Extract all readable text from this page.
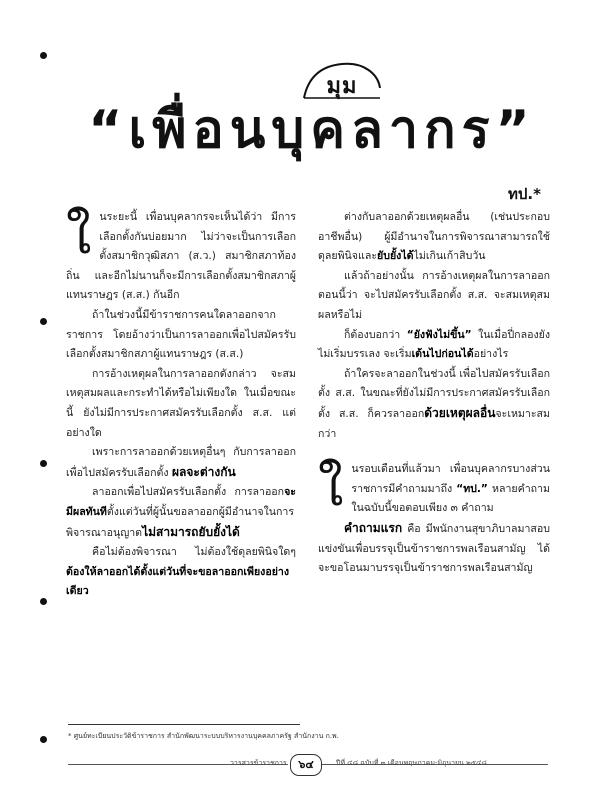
มุม
“เพื่อนบุคลากร”
ทป.*

ในระยะนี้ เพื่อนบุคลากรจะเห็นได้ว่า มีการเลือกตั้งกันบ่อยมาก ไม่ว่าจะเป็นการเลือกตั้งสมาชิกวุฒิสภา (ส.ว.) สมาชิกสภาท้องถิ่น และอีกไม่นานก็จะมีการเลือกตั้งสมาชิกสภาผู้แทนราษฎร (ส.ส.) กันอีก

ถ้าในช่วงนี้มีข้าราชการคนใดลาออกจากราชการ โดยอ้างว่าเป็นการลาออกเพื่อไปสมัครรับเลือกตั้งสมาชิกสภาผู้แทนราษฎร (ส.ส.)

การอ้างเหตุผลในการลาออกดังกล่าว จะสมเหตุสมผลและกระทำได้หรือไม่เพียงใด ในเมื่อขณะนี้ ยังไม่มีการประกาศสมัครรับเลือกตั้ง ส.ส. แต่อย่างใด

เพราะการลาออกด้วยเหตุอื่นๆ กับการลาออกเพื่อไปสมัครรับเลือกตั้ง ผลจะต่างกัน

ลาออกเพื่อไปสมัครรับเลือกตั้ง การลาออกจะมีผลทันทีตั้งแต่วันที่ผู้นั้นขอลาออกผู้มีอำนาจในการพิจารณาอนุญาตไม่สามารถยับยั้งได้

คือไม่ต้องพิจารณา ไม่ต้องใช้ดุลยพินิจใดๆ ต้องให้ลาออกได้ตั้งแต่วันที่จะขอลาออกเพียงอย่างเดียว

ต่างกับลาออกด้วยเหตุผลอื่น (เช่นประกอบอาชีพอื่น) ผู้มีอำนาจในการพิจารณาสามารถใช้ดุลยพินิจและยับยั้งได้ไม่เกินเก้าสิบวัน

แล้วถ้าอย่างนั้น การอ้างเหตุผลในการลาออกตอนนี้ว่า จะไปสมัครรับเลือกตั้ง ส.ส. จะสมเหตุสมผลหรือไม่

ก็ต้องบอกว่า “ยังฟังไม่ขึ้น” ในเมื่อปี่กลองยังไม่เริ่มบรรเลง จะเริ่มเต้นไปก่อนได้อย่างไร

ถ้าใครจะลาออกในช่วงนี้ เพื่อไปสมัครรับเลือกตั้ง ส.ส. ในขณะที่ยังไม่มีการประกาศสมัครรับเลือกตั้ง ส.ส. ก็ควรลาออกด้วยเหตุผลอื่นจะเหมาะสมกว่า

ในรอบเดือนที่แล้วมา เพื่อนบุคลากรบางส่วนราชการมีคำถามมาถึง “ทป.” หลายคำถามในฉบับนี้ขอตอบเพียง ๓ คำถาม

คำถามแรก คือ มีพนักงานสุขาภิบาลมาสอบแข่งขันเพื่อบรรจุเป็นข้าราชการพลเรือนสามัญ ได้จะขอโอนมาบรรจุเป็นข้าราชการพลเรือนสามัญ

* ศูนย์ทะเบียนประวัติข้าราชการ สำนักพัฒนาระบบบริหารงานบุคคลภาครัฐ สำนักงาน ก.พ.
วารสารข้าราชการ	๖๔	ปีที่ ๔๘ ฉบับที่ ๓ เดือนพฤษภาคม-มิถุนายน ๒๕๔๘
